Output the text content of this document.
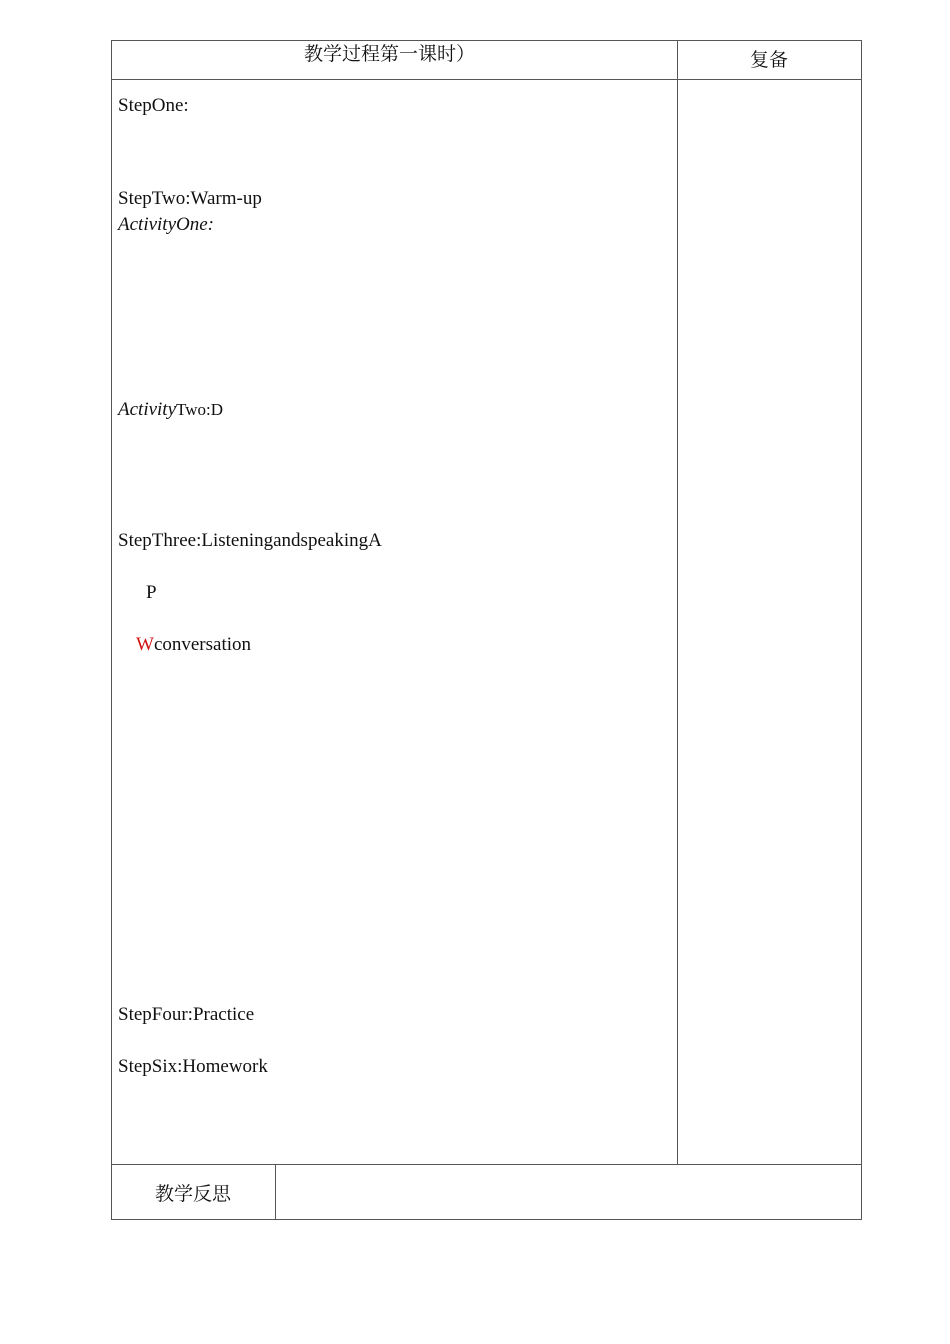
教学过程第一课时）	复备
StepOne:
StepTwo:Warm-up
ActivityOne:
ActivityTwo:D
StepThree:ListeningandspeakingA
P
Wconversation
StepFour:Practice
StepSix:Homework
教学反思
